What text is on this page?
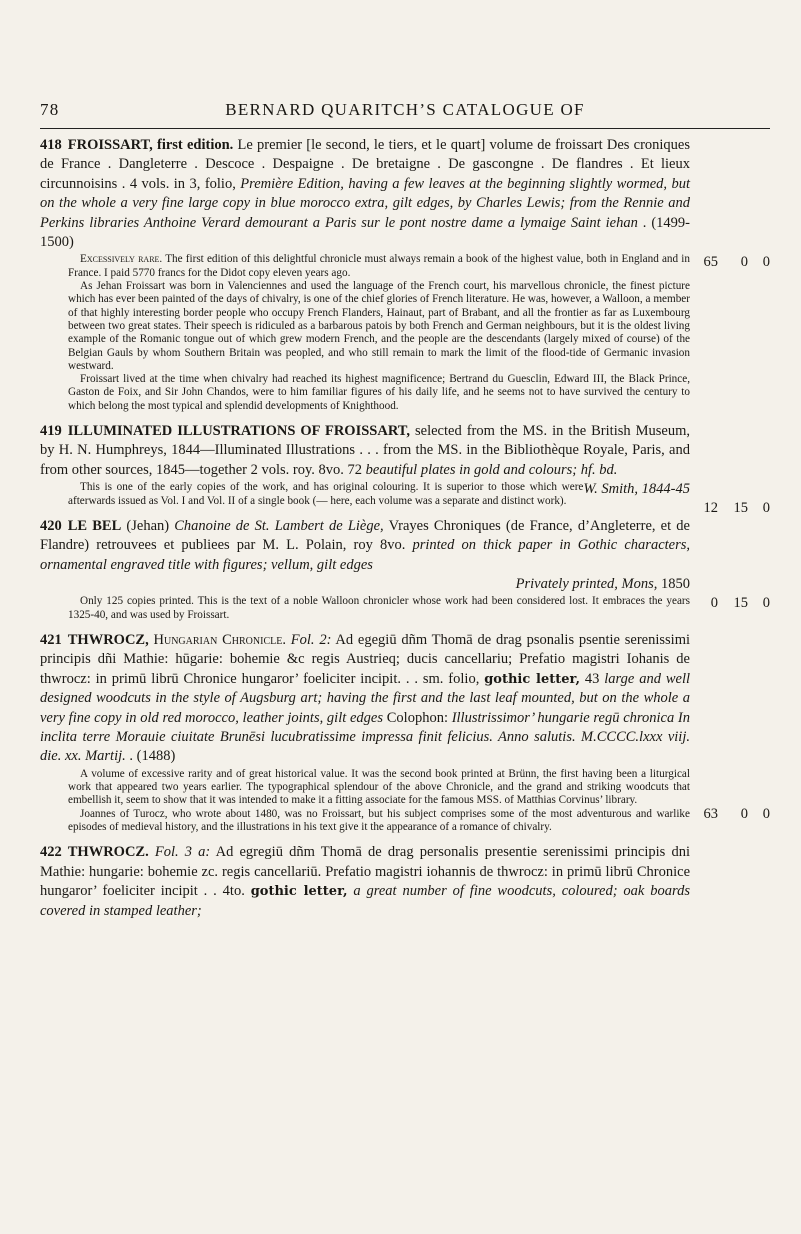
78	BERNARD QUARITCH’S CATALOGUE OF
418 FROISSART, first edition. Le premier [le second, le tiers, et le quart] volume de froissart Des croniques de France . Dangleterre . Descoce . Despaigne . De bretaigne . De gascongne . De flandres . Et lieux circunnoisins . 4 vols. in 3, folio, Première Edition, having a few leaves at the beginning slightly wormed, but on the whole a very fine large copy in blue morocco extra, gilt edges, by Charles Lewis; from the Rennie and Perkins libraries Anthoine Verard demourant a Paris sur le pont nostre dame a lymaige Saint iehan . (1499-1500)
65	0	0

Excessively rare. The first edition of this delightful chronicle must always remain a book of the highest value, both in England and in France. I paid 5770 francs for the Didot copy eleven years ago.

As Jehan Froissart was born in Valenciennes and used the language of the French court, his marvellous chronicle, the finest picture which has ever been painted of the days of chivalry, is one of the chief glories of French literature. He was, however, a Walloon, a member of that highly interesting border people who occupy French Flanders, Hainaut, part of Brabant, and all the frontier as far as Luxembourg between two great states. Their speech is ridiculed as a barbarous patois by both French and German neighbours, but it is the oldest living example of the Romanic tongue out of which grew modern French, and the people are the descendants (largely mixed of course) of the Belgian Gauls by whom Southern Britain was peopled, and who still remain to mark the limit of the flood-tide of Germanic invasion westward.

Froissart lived at the time when chivalry had reached its highest magnificence; Bertrand du Guesclin, Edward III, the Black Prince, Gaston de Foix, and Sir John Chandos, were to him familiar figures of his daily life, and he seems not to have survived the century to which belong the most typical and splendid developments of Knighthood.

419 ILLUMINATED ILLUSTRATIONS OF FROISSART, selected from the MS. in the British Museum, by H. N. Humphreys, 1844—Illuminated Illustrations . . . from the MS. in the Bibliothèque Royale, Paris, and from other sources, 1845—together 2 vols. roy. 8vo. 72 beautiful plates in gold and colours; hf. bd.
W. Smith, 1844-45
12	15	0

This is one of the early copies of the work, and has original colouring. It is superior to those which were afterwards issued as Vol. I and Vol. II of a single book (— here, each volume was a separate and distinct work).

420 LE BEL (Jehan) Chanoine de St. Lambert de Liège, Vrayes Chroniques (de France, d’Angleterre, et de Flandre) retrouvees et publiees par M. L. Polain, roy 8vo. printed on thick paper in Gothic characters, ornamental engraved title with figures; vellum, gilt edges
Privately printed, Mons, 1850
0	15	0

Only 125 copies printed. This is the text of a noble Walloon chronicler whose work had been considered lost. It embraces the years 1325-40, and was used by Froissart.

421 THWROCZ, Hungarian Chronicle. Fol. 2: Ad egegiū dñm Thomā de drag psonalis psentie serenissimi principis dñi Mathie: hūgarie: bohemie &c regis Austrieq; ducis cancellariu; Prefatio magistri Iohanis de thwrocz: in primū librū Chronice hungaror’ foeliciter incipit. . . sm. folio, gothic letter, 43 large and well designed woodcuts in the style of Augsburg art; having the first and the last leaf mounted, but on the whole a very fine copy in old red morocco, leather joints, gilt edges Colophon: Illustrissimor’ hungarie regū chronica In inclita terre Morauie ciuitate Brunēsi lucubratissime impressa finit felicius. Anno salutis. M.CCCC.lxxx viij. die. xx. Martij. . (1488)
63	0	0

A volume of excessive rarity and of great historical value. It was the second book printed at Brünn, the first having been a liturgical work that appeared two years earlier. The typographical splendour of the above Chronicle, and the grand and striking woodcuts that embellish it, seem to show that it was intended to make it a fitting associate for the famous MSS. of Matthias Corvinus’ library.

Joannes of Turocz, who wrote about 1480, was no Froissart, but his subject comprises some of the most adventurous and warlike episodes of medieval history, and the illustrations in his text give it the appearance of a romance of chivalry.

422 THWROCZ. Fol. 3 a: Ad egregiū dñm Thomā de drag personalis presentie serenissimi principis dni Mathie: hungarie: bohemie zc. regis cancellariū. Prefatio magistri iohannis de thwrocz: in primū librū Chronice hungaror’ foeliciter incipit . . 4to. gothic letter, a great number of fine woodcuts, coloured; oak boards covered in stamped leather;
